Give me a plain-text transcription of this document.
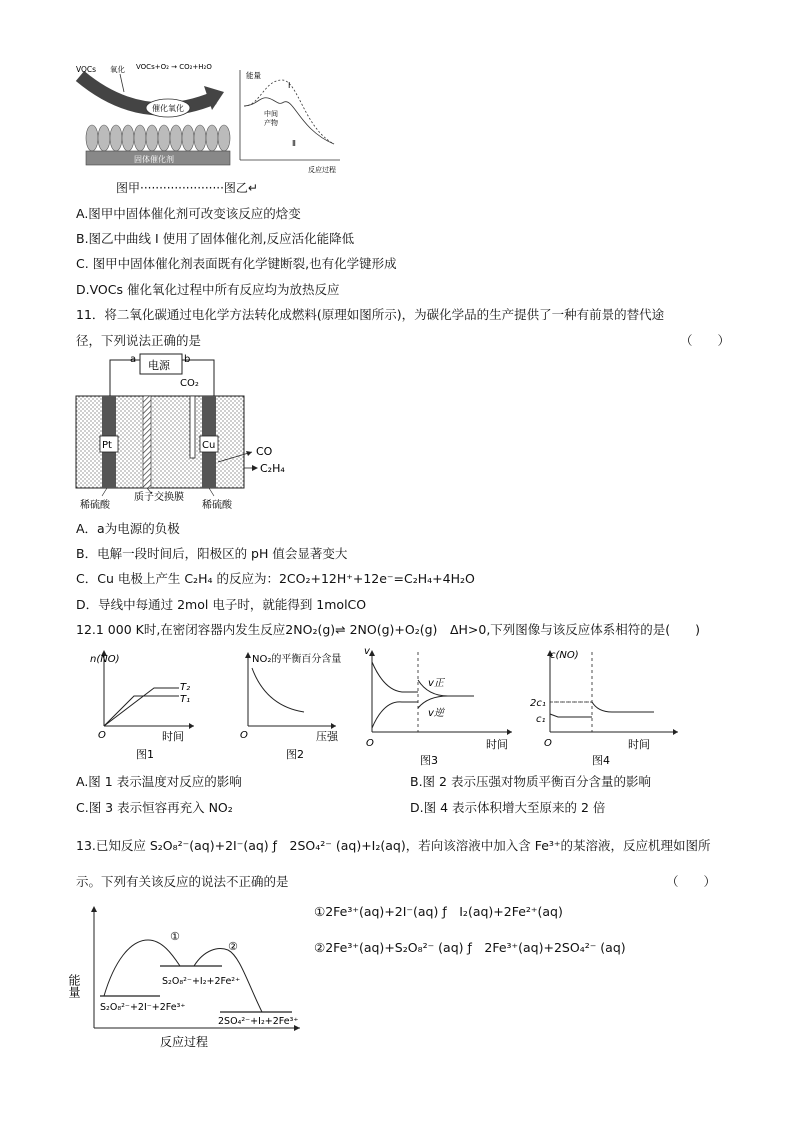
VOCs 氧化 VOCs+O₂ → CO₂+H₂O
催化氧化
固体催化剂
能量
Ⅰ
中间
产物
Ⅱ
反应过程
图甲······················图乙↵
A.图甲中固体催化剂可改变该反应的焓变
B.图乙中曲线 I 使用了固体催化剂,反应活化能降低
C. 图甲中固体催化剂表面既有化学键断裂,也有化学键形成
D.VOCs 催化氧化过程中所有反应均为放热反应
11．将二氧化碳通过电化学方法转化成燃料(原理如图所示)，为碳化学品的生产提供了一种有前景的替代途
径，下列说法正确的是	（　　）
电源
a	b
CO₂
Pt	Cu	CO
C₂H₄
稀硫酸
质子交换膜
稀硫酸
A．a为电源的负极
B．电解一段时间后，阳极区的 pH 值会显著变大
C．Cu 电极上产生 C₂H₄ 的反应为：2CO₂+12H⁺+12e⁻=C₂H₄+4H₂O
D．导线中每通过 2mol 电子时，就能得到 1molCO
12.1 000 K时,在密闭容器内发生反应2NO₂(g)⇌ 2NO(g)+O₂(g)　ΔH>0,下列图像与该反应体系相符的是(　　)
n(NO)
T₂
T₁
O	时间
图1
NO₂的平衡百分含量
O	压强
图2
v
v正
v逆
O	时间
图3
c(NO)
2c₁
c₁
O	时间
图4
A.图 1 表示温度对反应的影响	B.图 2 表示压强对物质平衡百分含量的影响
C.图 3 表示恒容再充入 NO₂	D.图 4 表示体积增大至原来的 2 倍
13.已知反应 S₂O₈²⁻(aq)+2I⁻(aq) ƒ　2SO₄²⁻ (aq)+I₂(aq)，若向该溶液中加入含 Fe³⁺的某溶液，反应机理如图所
示。下列有关该反应的说法不正确的是	（　　）
①
②
能量	S₂O₈²⁻+I₂+2Fe²⁺
S₂O₈²⁻+2I⁻+2Fe³⁺
2SO₄²⁻+I₂+2Fe³⁺
反应过程
①2Fe³⁺(aq)+2I⁻(aq) ƒ　I₂(aq)+2Fe²⁺(aq)
②2Fe³⁺(aq)+S₂O₈²⁻ (aq) ƒ　2Fe³⁺(aq)+2SO₄²⁻ (aq)
